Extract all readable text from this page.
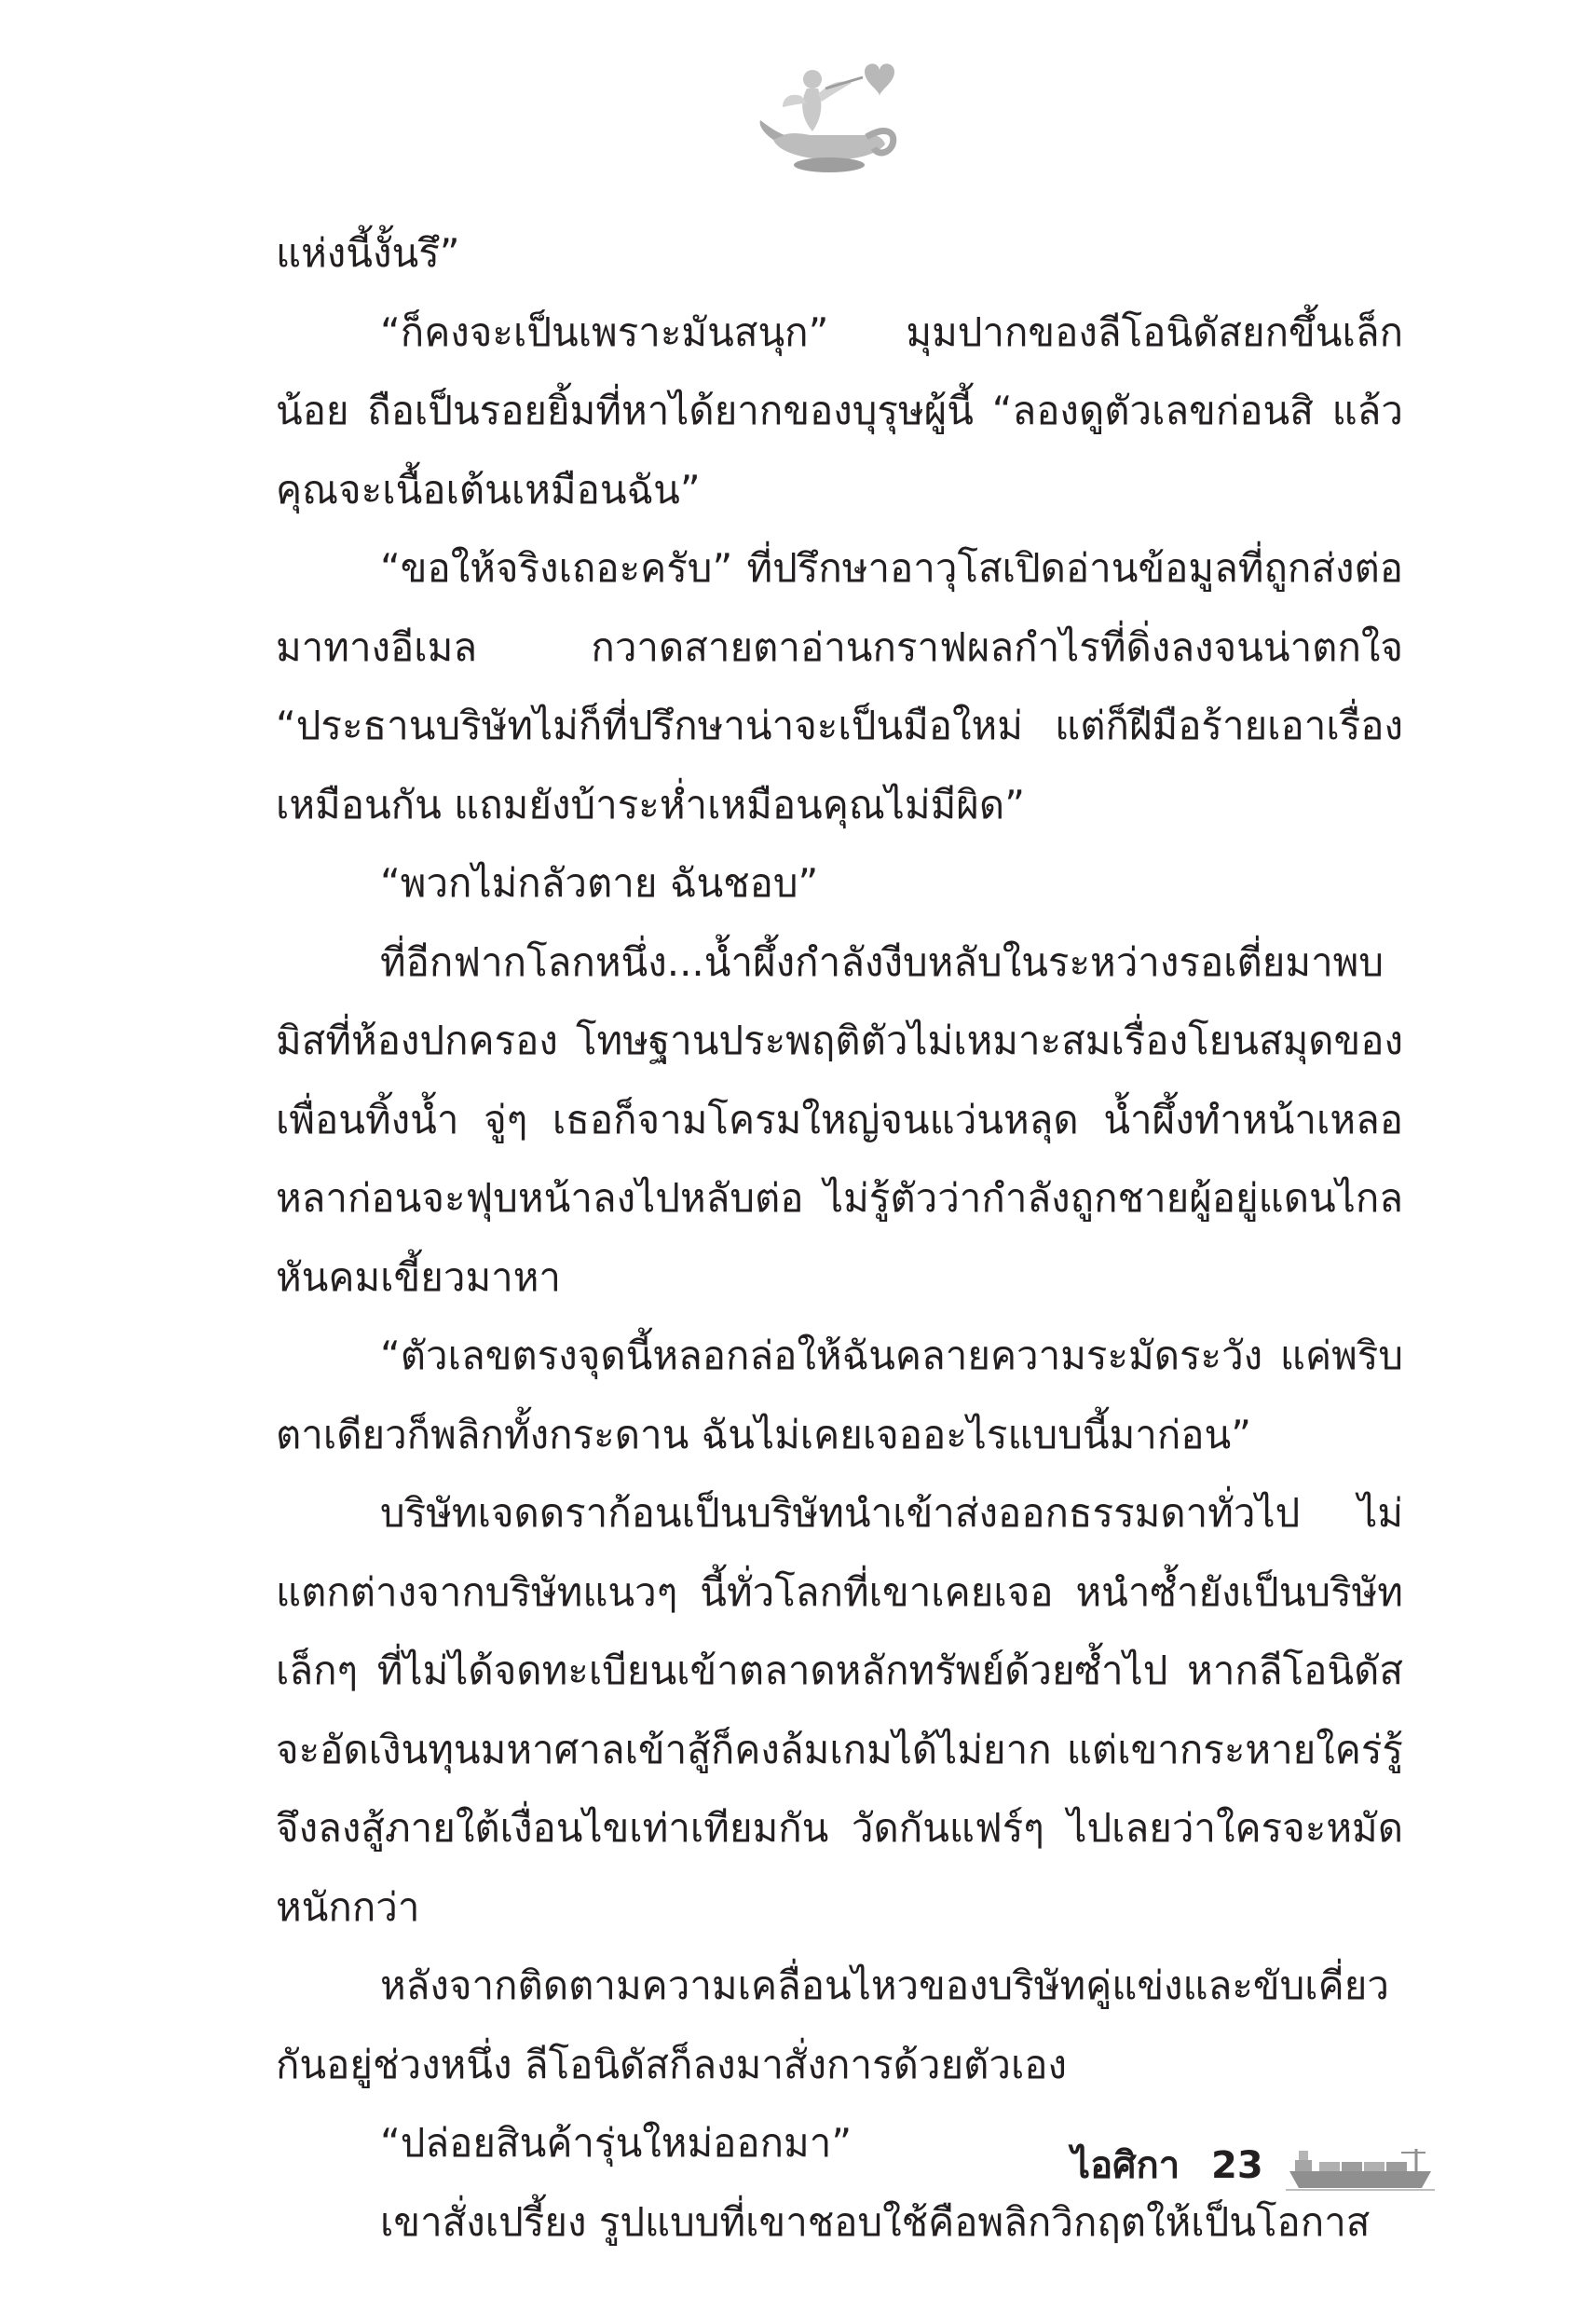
แห่งนี้งั้นรึ”

“ก็คงจะเป็นเพราะมันสนุก” มุมปากของลีโอนิดัสยกขึ้นเล็กน้อย ถือเป็นรอยยิ้มที่หาได้ยากของบุรุษผู้นี้ “ลองดูตัวเลขก่อนสิ แล้วคุณจะเนื้อเต้นเหมือนฉัน”

“ขอให้จริงเถอะครับ” ที่ปรึกษาอาวุโสเปิดอ่านข้อมูลที่ถูกส่งต่อมาทางอีเมล กวาดสายตาอ่านกราฟผลกำไรที่ดิ่งลงจนน่าตกใจ “ประธานบริษัทไม่ก็ที่ปรึกษาน่าจะเป็นมือใหม่ แต่ก็ฝีมือร้ายเอาเรื่องเหมือนกัน แถมยังบ้าระห่ำเหมือนคุณไม่มีผิด”

“พวกไม่กลัวตาย ฉันชอบ”

ที่อีกฟากโลกหนึ่ง...น้ำผึ้งกำลังงีบหลับในระหว่างรอเตี่ยมาพบมิสที่ห้องปกครอง โทษฐานประพฤติตัวไม่เหมาะสมเรื่องโยนสมุดของเพื่อนทิ้งน้ำ จู่ๆ เธอก็จามโครมใหญ่จนแว่นหลุด น้ำผึ้งทำหน้าเหลอหลาก่อนจะฟุบหน้าลงไปหลับต่อ ไม่รู้ตัวว่ากำลังถูกชายผู้อยู่แดนไกลหันคมเขี้ยวมาหา

“ตัวเลขตรงจุดนี้หลอกล่อให้ฉันคลายความระมัดระวัง แค่พริบตาเดียวก็พลิกทั้งกระดาน ฉันไม่เคยเจออะไรแบบนี้มาก่อน”

บริษัทเจดดราก้อนเป็นบริษัทนำเข้าส่งออกธรรมดาทั่วไป ไม่แตกต่างจากบริษัทแนวๆ นี้ทั่วโลกที่เขาเคยเจอ หนำซ้ำยังเป็นบริษัทเล็กๆ ที่ไม่ได้จดทะเบียนเข้าตลาดหลักทรัพย์ด้วยซ้ำไป หากลีโอนิดัสจะอัดเงินทุนมหาศาลเข้าสู้ก็คงล้มเกมได้ไม่ยาก แต่เขากระหายใคร่รู้จึงลงสู้ภายใต้เงื่อนไขเท่าเทียมกัน วัดกันแฟร์ๆ ไปเลยว่าใครจะหมัดหนักกว่า

หลังจากติดตามความเคลื่อนไหวของบริษัทคู่แข่งและขับเคี่ยวกันอยู่ช่วงหนึ่ง ลีโอนิดัสก็ลงมาสั่งการด้วยตัวเอง

“ปล่อยสินค้ารุ่นใหม่ออกมา”

เขาสั่งเปรี้ยง รูปแบบที่เขาชอบใช้คือพลิกวิกฤตให้เป็นโอกาส

ไอศิกา 23
